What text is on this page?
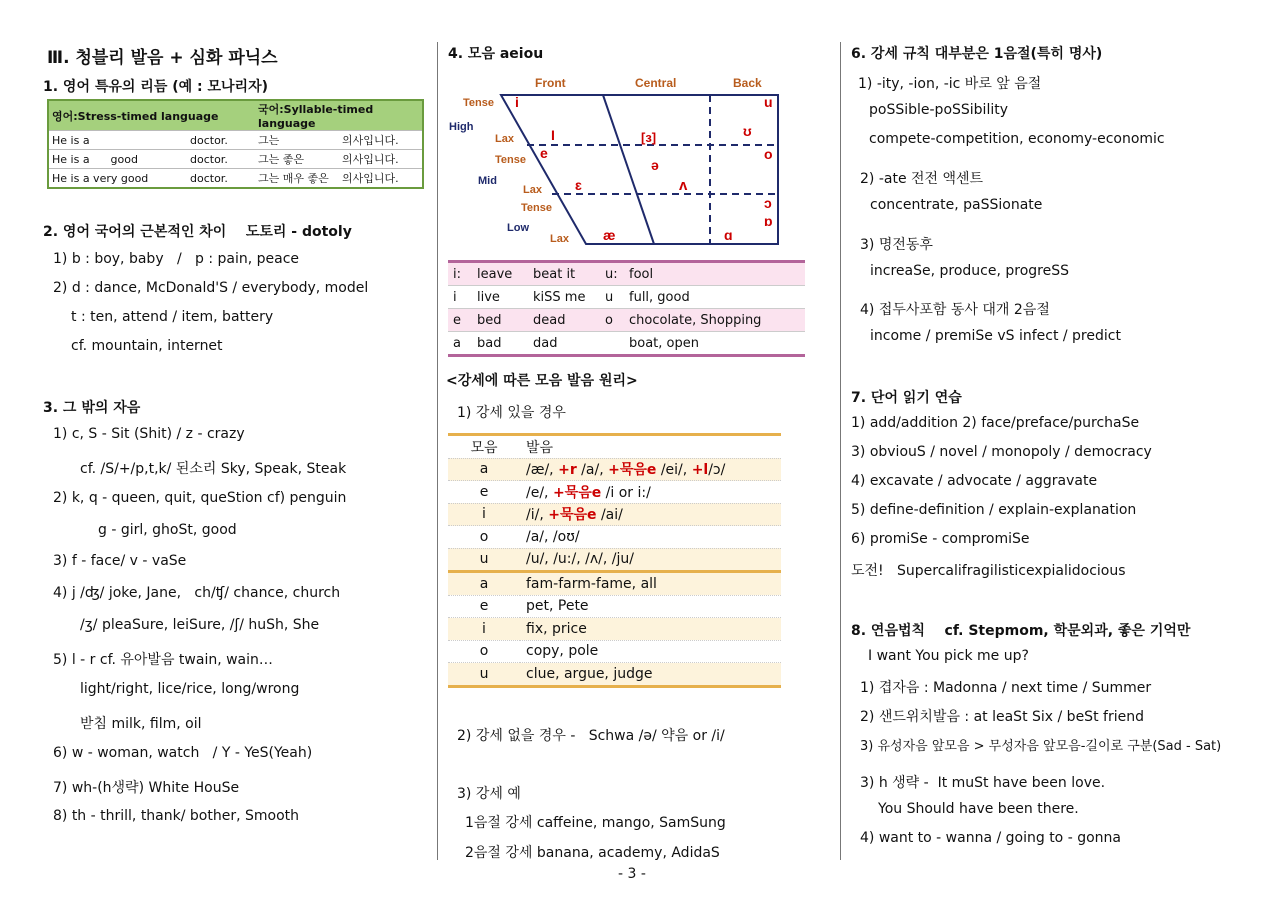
Ⅲ. 청블리 발음 + 심화 파닉스
1. 영어 특유의 리듬 (예 : 모나리자)
영어:Stress-timed language		국어:Syllable-timed language	
He is a	doctor.	그는	의사입니다.
He is a      good	doctor.	그는 좋은	의사입니다.
He is a very good	doctor.	그는 매우 좋은	의사입니다.
2. 영어 국어의 근본적인 차이    도토리 - dotoly
1) b : boy, baby   /   p : pain, peace
2) d : dance, McDonald'S / everybody, model
t : ten, attend / item, battery
cf. mountain, internet
3. 그 밖의 자음
1) c, S - Sit (Shit) / z - crazy
cf. /S/+/p,t,k/ 된소리 Sky, Speak, Steak
2) k, q - queen, quit, queStion cf) penguin
g - girl, ghoSt, good
3) f - face/ v - vaSe
4) j /ʤ/ joke, Jane,   ch/ʧ/ chance, church
/ʒ/ pleaSure, leiSure, /ʃ/ huSh, She
5) l - r cf. 유아발음 twain, wain…
light/right, lice/rice, long/wrong
받침 milk, film, oil
6) w - woman, watch   / Y - YeS(Yeah)
7) wh-(h생략) White HouSe
8) th - thrill, thank/ bother, Smooth
4. 모음 aeiou
Front	Central	Back
Tense
High
Lax
Tense
Mid
Lax
Tense
Low
Lax
i
I
e
[ɜ]
ə
ɛ	ʌ
æ	ɑ
u
ʊ
o
ɔ
ɒ
i:	leave	beat it	u:	fool
i	live	kiSS me	u	full, good
e	bed	dead	o	chocolate, Shopping
a	bad	dad		boat, open
<강세에 따른 모음 발음 원리>
1) 강세 있을 경우
모음	발음
a	/æ/, +r /a/, +묵음e /ei/, +l/ɔ/
e	/e/, +묵음e /i or i:/
i	/i/, +묵음e /ai/
o	/a/, /oʊ/
u	/u/, /u:/, /ʌ/, /ju/
a	fam-farm-fame, all
e	pet, Pete
i	fix, price
o	copy, pole
u	clue, argue, judge
2) 강세 없을 경우 -   Schwa /ə/ 약음 or /i/
3) 강세 예
1음절 강세 caffeine, mango, SamSung
2음절 강세 banana, academy, AdidaS
- 3 -
6. 강세 규칙 대부분은 1음절(특히 명사)
1) -ity, -ion, -ic 바로 앞 음절
poSSible-poSSibility
compete-competition, economy-economic
2) -ate 전전 액센트
concentrate, paSSionate
3) 명전동후
increaSe, produce, progreSS
4) 접두사포함 동사 대개 2음절
income / premiSe vS infect / predict
7. 단어 읽기 연습
1) add/addition 2) face/preface/purchaSe
3) obviouS / novel / monopoly / democracy
4) excavate / advocate / aggravate
5) define-definition / explain-explanation
6) promiSe - compromiSe
도전!   Supercalifragilisticexpialidocious
8. 연음법칙    cf. Stepmom, 학문외과, 좋은 기억만
I want You pick me up?
1) 겹자음 : Madonna / next time / Summer
2) 샌드위치발음 : at leaSt Six / beSt friend
3) 유성자음 앞모음 > 무성자음 앞모음-길이로 구분(Sad - Sat)
3) h 생략 -  It muSt have been love.
You Should have been there.
4) want to - wanna / going to - gonna
